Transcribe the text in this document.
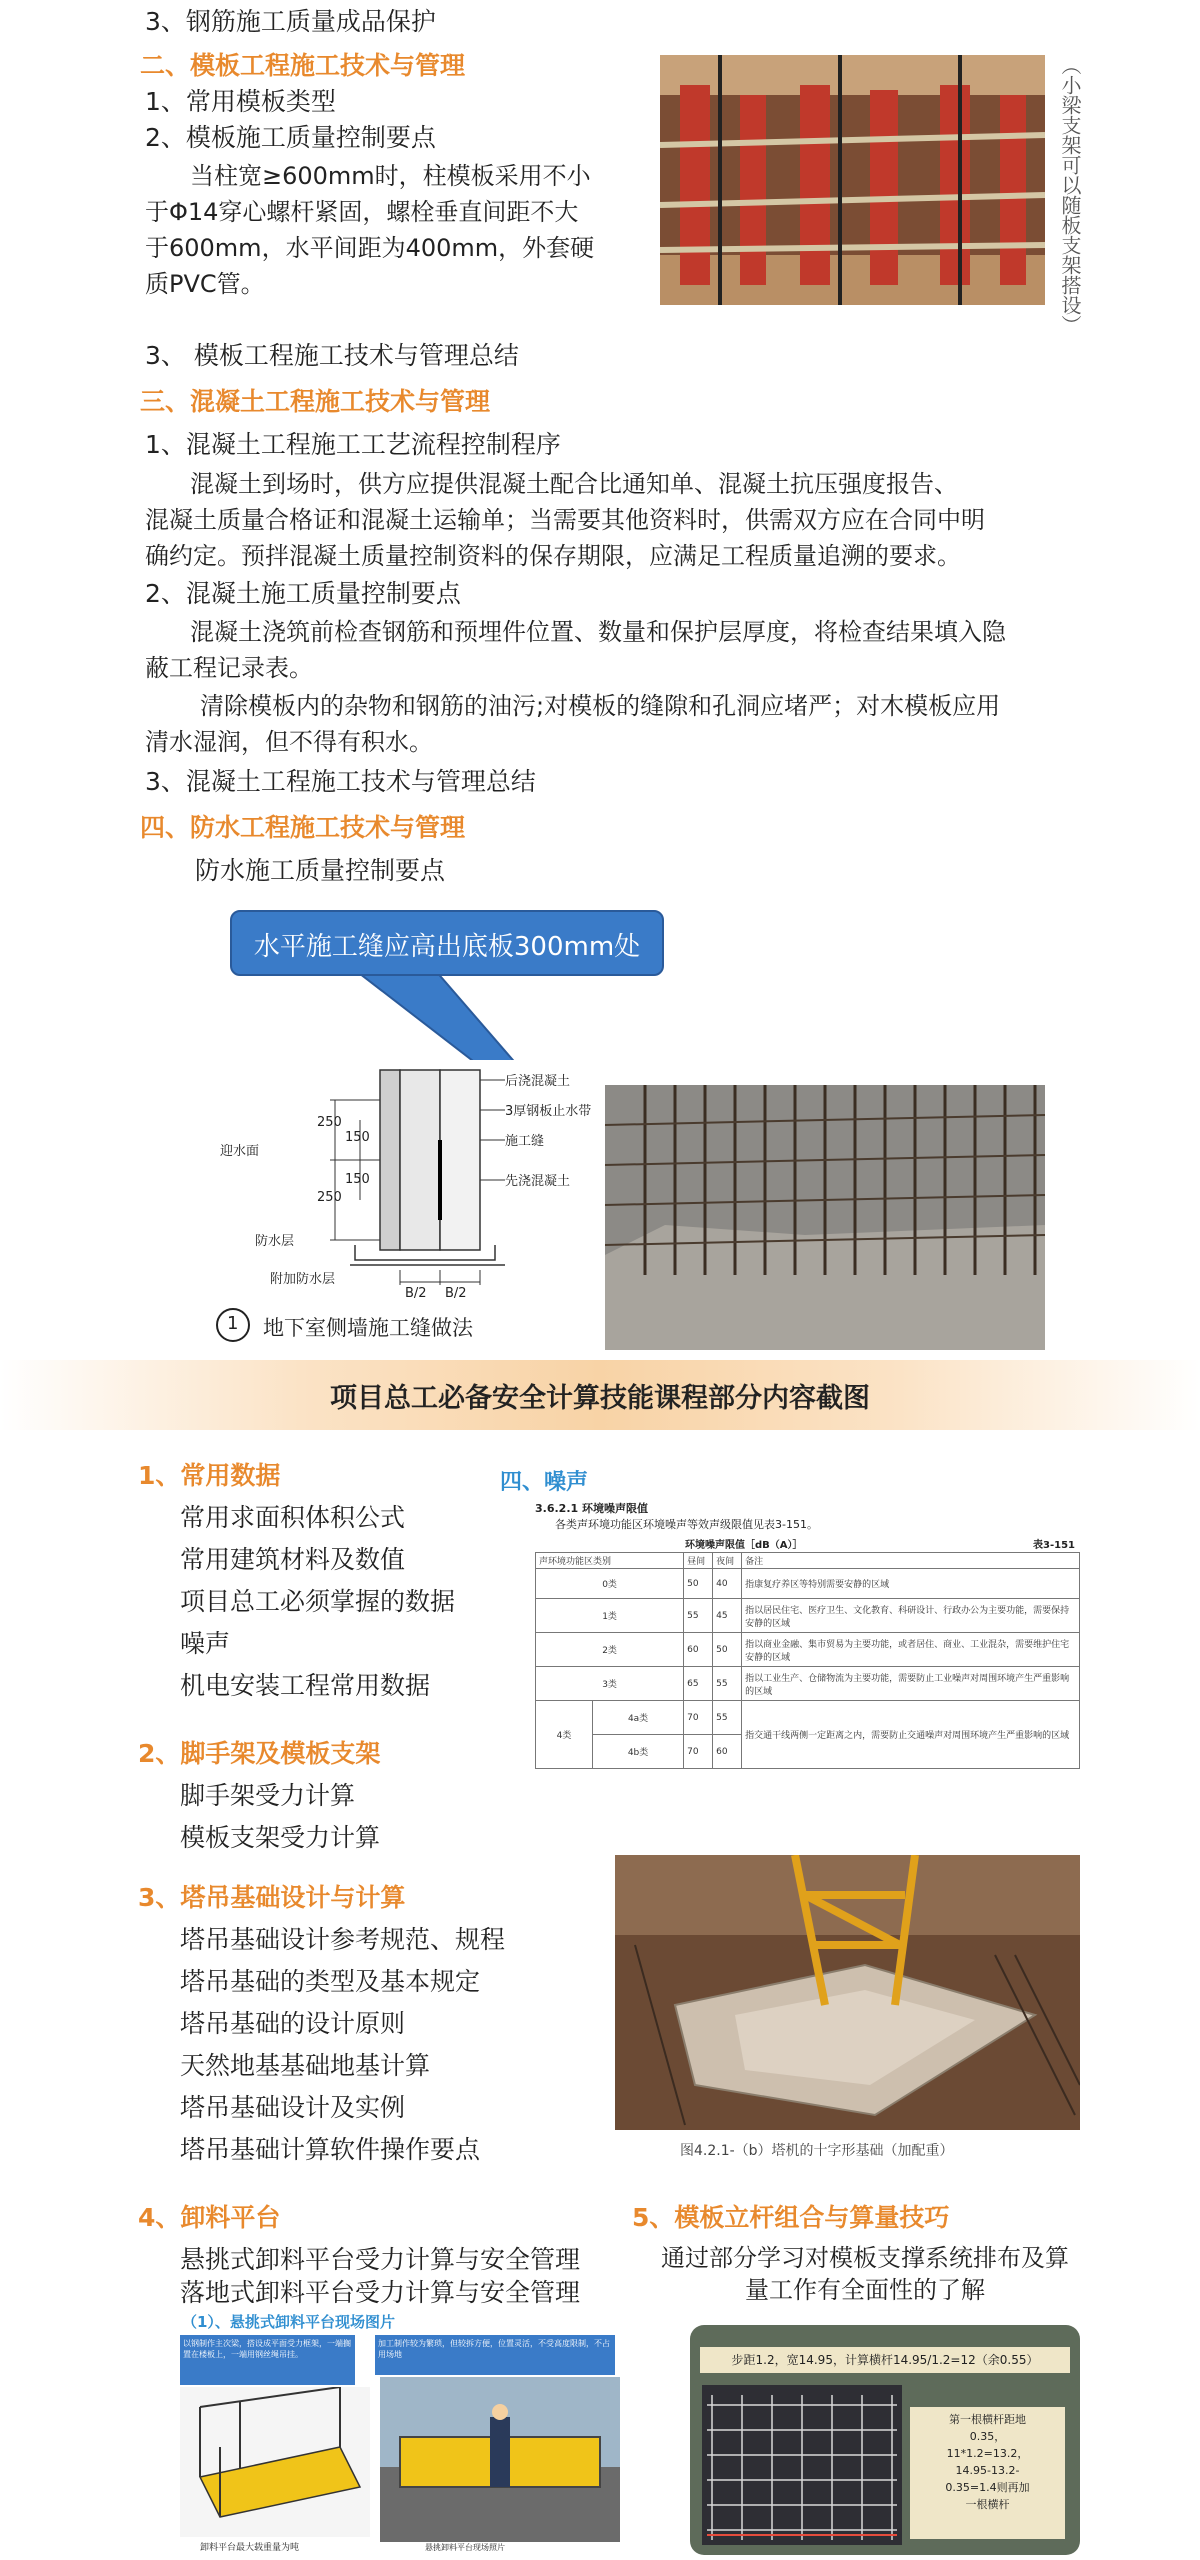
3、钢筋施工质量成品保护
二、模板工程施工技术与管理
1、常用模板类型
2、模板施工质量控制要点
当柱宽≥600mm时，柱模板采用不小
于Φ14穿心螺杆紧固，螺栓垂直间距不大
于600mm，水平间距为400mm，外套硬
质PVC管。	（小梁支架可以随板支架搭设）
3、 模板工程施工技术与管理总结
三、混凝土工程施工技术与管理
1、混凝土工程施工工艺流程控制程序
混凝土到场时，供方应提供混凝土配合比通知单、混凝土抗压强度报告、
混凝土质量合格证和混凝土运输单；当需要其他资料时，供需双方应在合同中明
确约定。预拌混凝土质量控制资料的保存期限，应满足工程质量追溯的要求。
2、混凝土施工质量控制要点
混凝土浇筑前检查钢筋和预埋件位置、数量和保护层厚度，将检查结果填入隐
蔽工程记录表。
清除模板内的杂物和钢筋的油污;对模板的缝隙和孔洞应堵严；对木模板应用
清水湿润，但不得有积水。
3、混凝土工程施工技术与管理总结
四、防水工程施工技术与管理
防水施工质量控制要点
水平施工缝应高出底板300mm处
后浇混凝土
3厚钢板止水带
施工缝
先浇混凝土
迎水面
防水层
附加防水层
250
150
150
250
B/2 B/2
1 地下室侧墙施工缝做法
项目总工必备安全计算技能课程部分内容截图
1、常用数据
常用求面积体积公式
常用建筑材料及数值
项目总工必须掌握的数据
噪声
机电安装工程常用数据
2、脚手架及模板支架
脚手架受力计算
模板支架受力计算
3、塔吊基础设计与计算
塔吊基础设计参考规范、规程
塔吊基础的类型及基本规定
塔吊基础的设计原则
天然地基基础地基计算
塔吊基础设计及实例
塔吊基础计算软件操作要点
四、噪声
3.6.2.1 环境噪声限值
各类声环境功能区环境噪声等效声级限值见表3-151。
环境噪声限值［dB（A）］	表3-151
声环境功能区类别		昼间	夜间	备注
0类		50	40	指康复疗养区等特别需要安静的区域
1类		55	45	指以居民住宅、医疗卫生、文化教育、科研设计、行政办公为主要功能，需要保持安静的区域
2类		60	50	指以商业金融、集市贸易为主要功能，或者居住、商业、工业混杂，需要维护住宅安静的区域
3类		65	55	指以工业生产、仓储物流为主要功能，需要防止工业噪声对周围环境产生严重影响的区域
4类	4a类	70	55	指交通干线两侧一定距离之内，需要防止交通噪声对周围环境产生严重影响的区域
	4b类	70	60	
图4.2.1-（b）塔机的十字形基础（加配重）
4、卸料平台
悬挑式卸料平台受力计算与安全管理
落地式卸料平台受力计算与安全管理
（1）、悬挑式卸料平台现场图片
以钢制作主次梁，搭设成平面受力框架，一端搁置在楼板上，一端用钢丝绳吊挂。
加工制作较为繁琐，但较拆方便，位置灵活，不受高度限制，不占用场地
卸料平台最大载重量为吨	悬挑卸料平台现场照片
5、模板立杆组合与算量技巧
通过部分学习对模板支撑系统排布及算
量工作有全面性的了解
步距1.2，宽14.95，计算横杆14.95/1.2=12（余0.55）
第一根横杆距地
0.35，
11*1.2=13.2，
14.95-13.2-
0.35=1.4则再加
一根横杆
